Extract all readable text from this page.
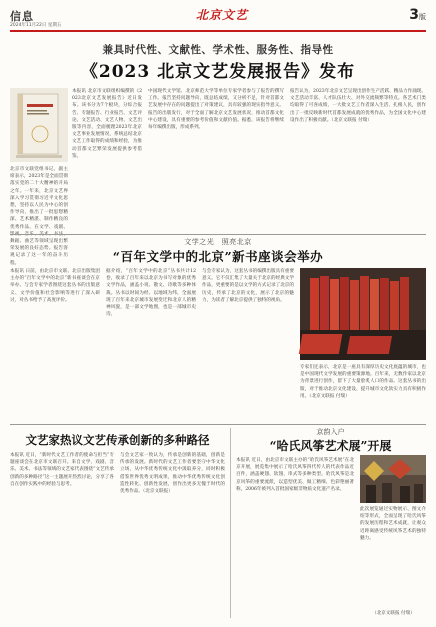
信息
2024年11月22日 星期五
北京文艺	3版
兼具时代性、文献性、学术性、服务性、指导性
《2023 北京文艺发展报告》发布
本报讯 北京市文联组织编撰的《2023北京文艺发展报告》近日发布。该书分为7个板块，分综合报告、专题报告、行业报告、文艺评论、文艺活动、文艺人物、文艺出版等内容，全面梳理2023年北京文艺事业发展情况，系统总结北京文艺工作取得的成绩和经验，为推动首都文艺繁荣发展提供参考借鉴。
北京市文联党组书记、副主席表示，2023年是全面贯彻落实党的二十大精神的开局之年。一年来，北京文艺界深入学习贯彻习近平文化思想，坚持以人民为中心的创作导向，推出了一批思想精深、艺术精湛、制作精良的优秀作品，在文学、戏剧、 舞蹈、曲艺等领域呈现出繁荣发展的良好态势。报告客观记录了这一年的奋斗历程。
中国现代文学馆、北京师范大学等单位专家学者参与了报告的撰写工作。报告坚持问题导向，既总结成绩，又分析不足，针对首都文艺发展中存在的问题提出了对策建议，具有较强的现实指导意义。报告的出版发行，对于全面了解北京文艺发展状况，推动首都文化中心建设，具有重要的参考价值和文献价值。据悉，该报告将继续每年编撰出版，形成系列。
报告认为，2023年北京文艺呈现出创作生产活跃、精品力作涌现、文艺活动丰富、人才队伍壮大、对外交流频繁等特点。各艺术门类均取得了可喜成绩，一大批文艺工作者深入生活、扎根人民，创作出了一批反映新时代首都发展成就的优秀作品，为全国文化中心建设作出了积极贡献。（北京文联报 付瑞）
文学之光　照亮北京
“百年文学中的北京”新书座谈会举办
本报讯 日前，由北京市文联、北京出版集团主办的“百年文学中的北京”新书座谈会在京举办。与会专家学者围绕这套丛书的出版意义、文学价值和社会影响等进行了深入研讨，对丛书给予了高度评价。
据介绍，“百年文学中的北京”丛书共计12卷，收录了百年来以北京为书写对象的优秀文学作品，涵盖小说、散文、诗歌等多种体裁。丛书以时间为经、以地域为纬，全面展现了百年来北京城市发展变迁和北京人的精神风貌，是一部文学地图，也是一部城市史诗。
与会专家认为，这套丛书的编撰出版具有重要意义。它不仅汇集了大量关于北京的经典文学作品，更重要的是以文学的方式记录了北京的历史，传承了北京的文化，展示了北京的魅力，为读者了解北京提供了独特的视角。
专家们还表示，北京是一座具有深厚历史文化底蕴的城市，也是中国现代文学发展的重要策源地。百年来，无数作家以北京为背景进行创作，留下了大量脍炙人口的作品。这套丛书的出版，对于推动北京文化建设、提升城市文化软实力具有积极作用。（北京文联报 付瑞）
文艺家热议文艺传承创新的多种路径
本报讯 近日，“新时代文艺工作者的使命与担当”专题座谈会在北京市文联召开。来自文学、戏剧、音乐、美术、书法等领域的文艺家代表围绕“文艺传承创新的多种路径”这一主题展开热烈讨论，分享了各自在创作实践中的经验与思考。
与会文艺家一致认为，传承是创新的基础，创新是传承的发展。新时代的文艺工作者要坚守中华文化立场，从中华优秀传统文化中汲取养分，同时积极借鉴世界优秀文明成果，推动中华优秀传统文化创造性转化、创新性发展，创作出更多无愧于时代的优秀作品。（北京文联报）
京韵入户
“哈氏风筝艺术展”开展
本报讯 近日，由北京市文联主办的“哈氏风筝艺术展”在北京开展，展览集中展示了哈氏风筝四代传人的代表作品近百件，涵盖硬翅、软翅、串式等多种类型。哈氏风筝是北京风筝的重要流派，以造型优美、做工精细、色彩艳丽著称，2006年被列入首批国家级非物质文化遗产名录。
此次展览通过实物展示、图文介绍等形式，全面呈现了哈氏风筝的发展历程和艺术成就，让观众近距离感受传统风筝艺术的独特魅力。
（北京文联报 付瑞）
